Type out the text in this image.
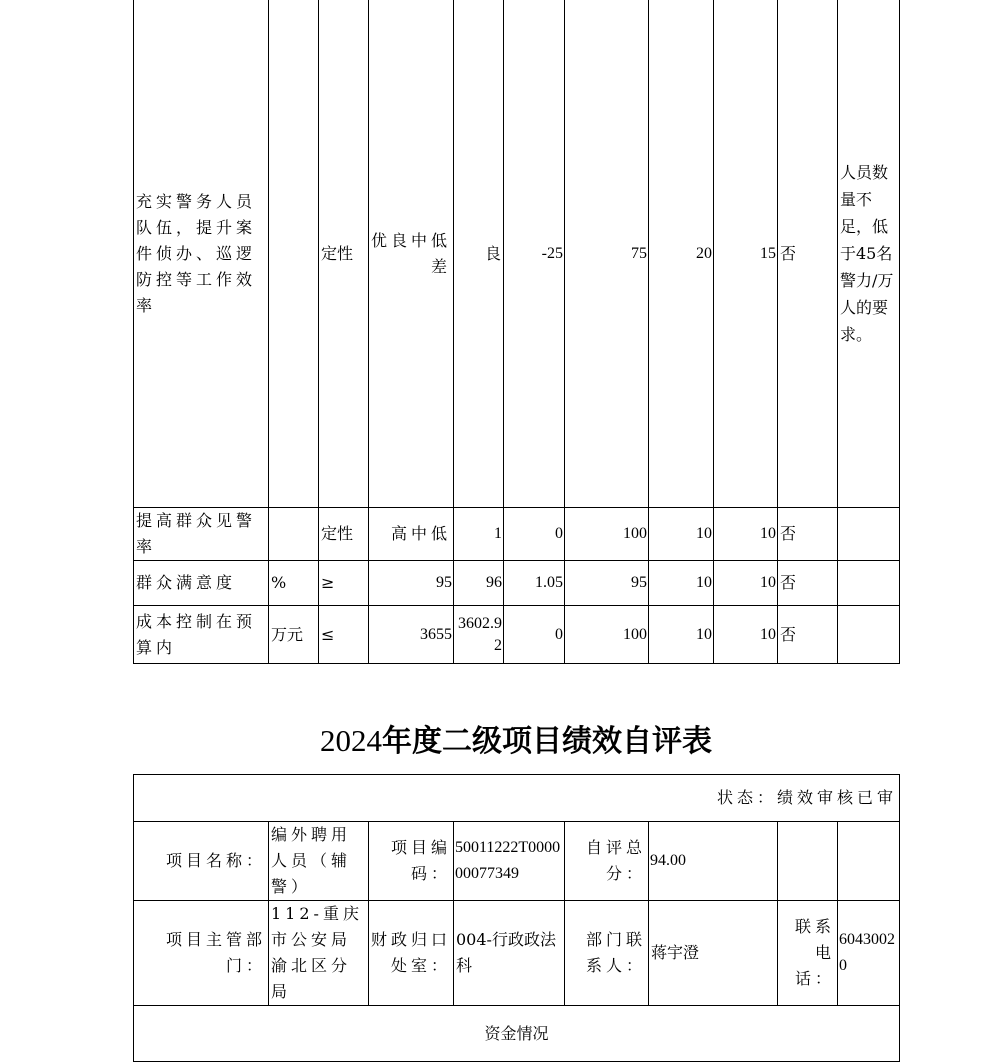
充实警务人员队伍，提升案件侦办、巡逻防控等工作效率		定性	优良中低差	良	-25	75	20	15	否	人员数量不足，低于45名警力/万人的要求。
提高群众见警率		定性	高中低	1	0	100	10	10	否	
群众满意度	%	≥	95	96	1.05	95	10	10	否	
成本控制在预算内	万元	≤	3655	3602.92	0	100	10	10	否	
2024年度二级项目绩效自评表
状态：绩效审核已审							
项目名称：	编外聘用人员（辅警）	项目编码：	50011222T000000077349	自评总分：	94.00		
项目主管部门：	112-重庆市公安局渝北区分局	财政归口处室：	004-行政政法科	部门联系人：	蒋宇澄	联系电话：	60430020
资金情况							
